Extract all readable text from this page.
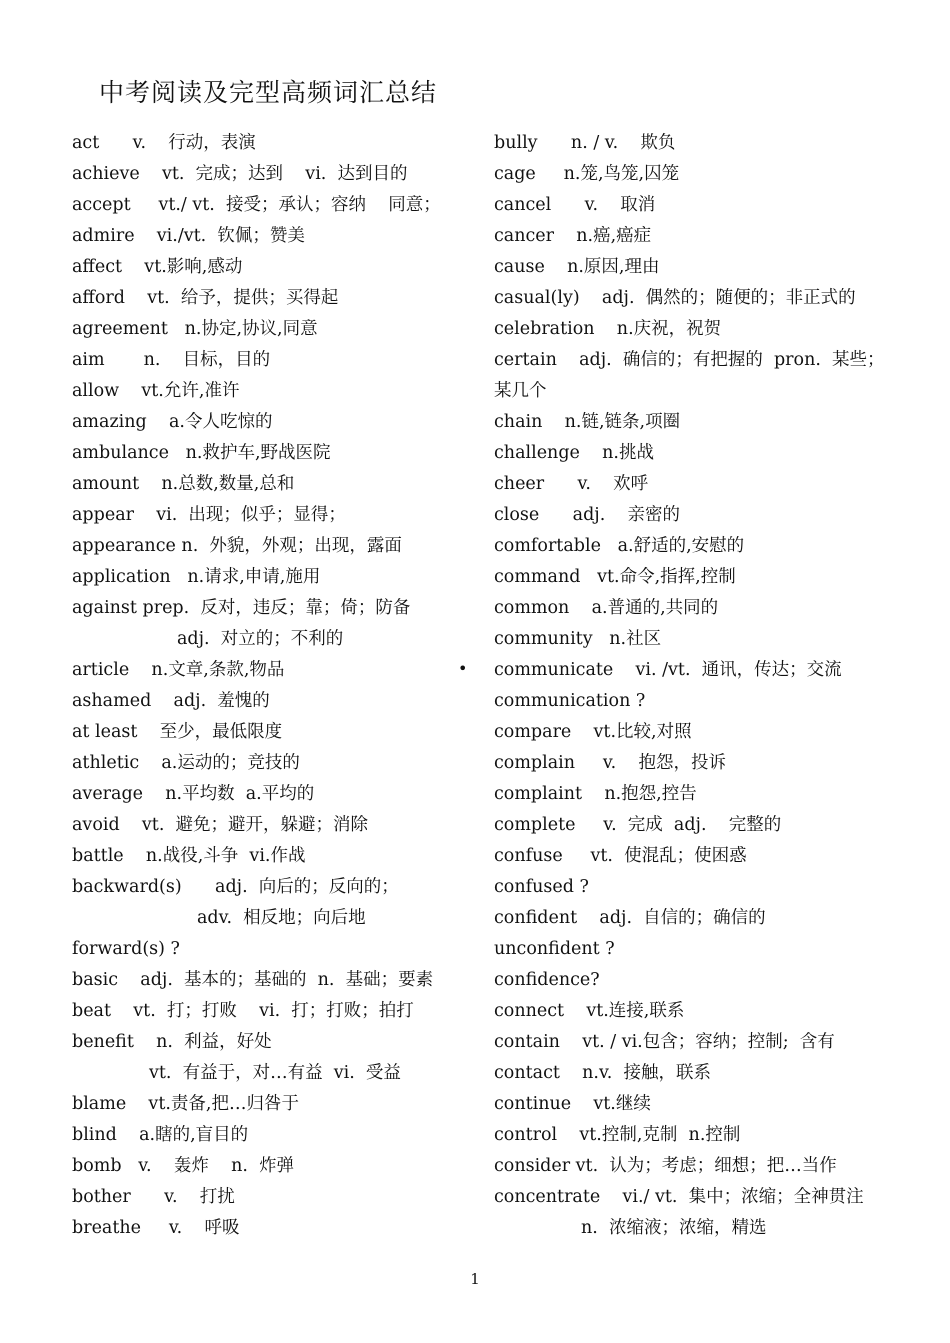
中考阅读及完型高频词汇总结
act      v.    行动，表演
achieve    vt.  完成；达到    vi.  达到目的
accept     vt./ vt.  接受；承认；容纳    同意；
admire    vi./vt.  钦佩；赞美
affect    vt.影响,感动
afford    vt.  给予，提供；买得起
agreement   n.协定,协议,同意
aim       n.    目标，目的
allow    vt.允许,准许
amazing    a.令人吃惊的
ambulance   n.救护车,野战医院
amount    n.总数,数量,总和
appear    vi.  出现；似乎；显得；
appearance n.  外貌，外观；出现，露面
application   n.请求,申请,施用
against prep.  反对，违反；靠；倚；防备
adj.  对立的；不利的
article    n.文章,条款,物品
ashamed    adj.  羞愧的
at least    至少，最低限度
athletic    a.运动的；竞技的
average    n.平均数  a.平均的
avoid    vt.  避免；避开，躲避；消除
battle    n.战役,斗争  vi.作战
backward(s)      adj.  向后的；反向的；
adv.  相反地；向后地
forward(s) ?
basic    adj.  基本的；基础的  n.  基础；要素
beat    vt.  打；打败    vi.  打；打败；拍打
benefit    n.  利益，好处
vt.  有益于，对…有益  vi.  受益
blame    vt.责备,把…归咎于
blind    a.瞎的,盲目的
bomb   v.    轰炸    n.  炸弹
bother      v.    打扰
breathe     v.    呼吸
bully      n. / v.    欺负
cage     n.笼,鸟笼,囚笼
cancel      v.    取消
cancer    n.癌,癌症
cause    n.原因,理由
casual(ly)    adj.  偶然的；随便的；非正式的
celebration    n.庆祝，祝贺
certain    adj.  确信的；有把握的  pron.  某些；
某几个
chain    n.链,链条,项圈
challenge    n.挑战
cheer      v.    欢呼
close      adj.    亲密的
comfortable   a.舒适的,安慰的
command   vt.命令,指挥,控制
common    a.普通的,共同的
community   n.社区
communicate    vi. /vt.  通讯，传达；交流
communication ?
compare    vt.比较,对照
complain     v.    抱怨，投诉
complaint    n.抱怨,控告
complete     v.  完成  adj.    完整的
confuse     vt.  使混乱；使困惑
confused ?
confident    adj.  自信的；确信的
unconfident ?
confidence?
connect    vt.连接,联系
contain    vt. / vi.包含；容纳；控制;  含有
contact    n.v.  接触，联系
continue    vt.继续
control    vt.控制,克制  n.控制
consider vt.  认为；考虑；细想；把…当作
concentrate    vi./ vt.  集中；浓缩；全神贯注
n.  浓缩液；浓缩，精选
•
1
